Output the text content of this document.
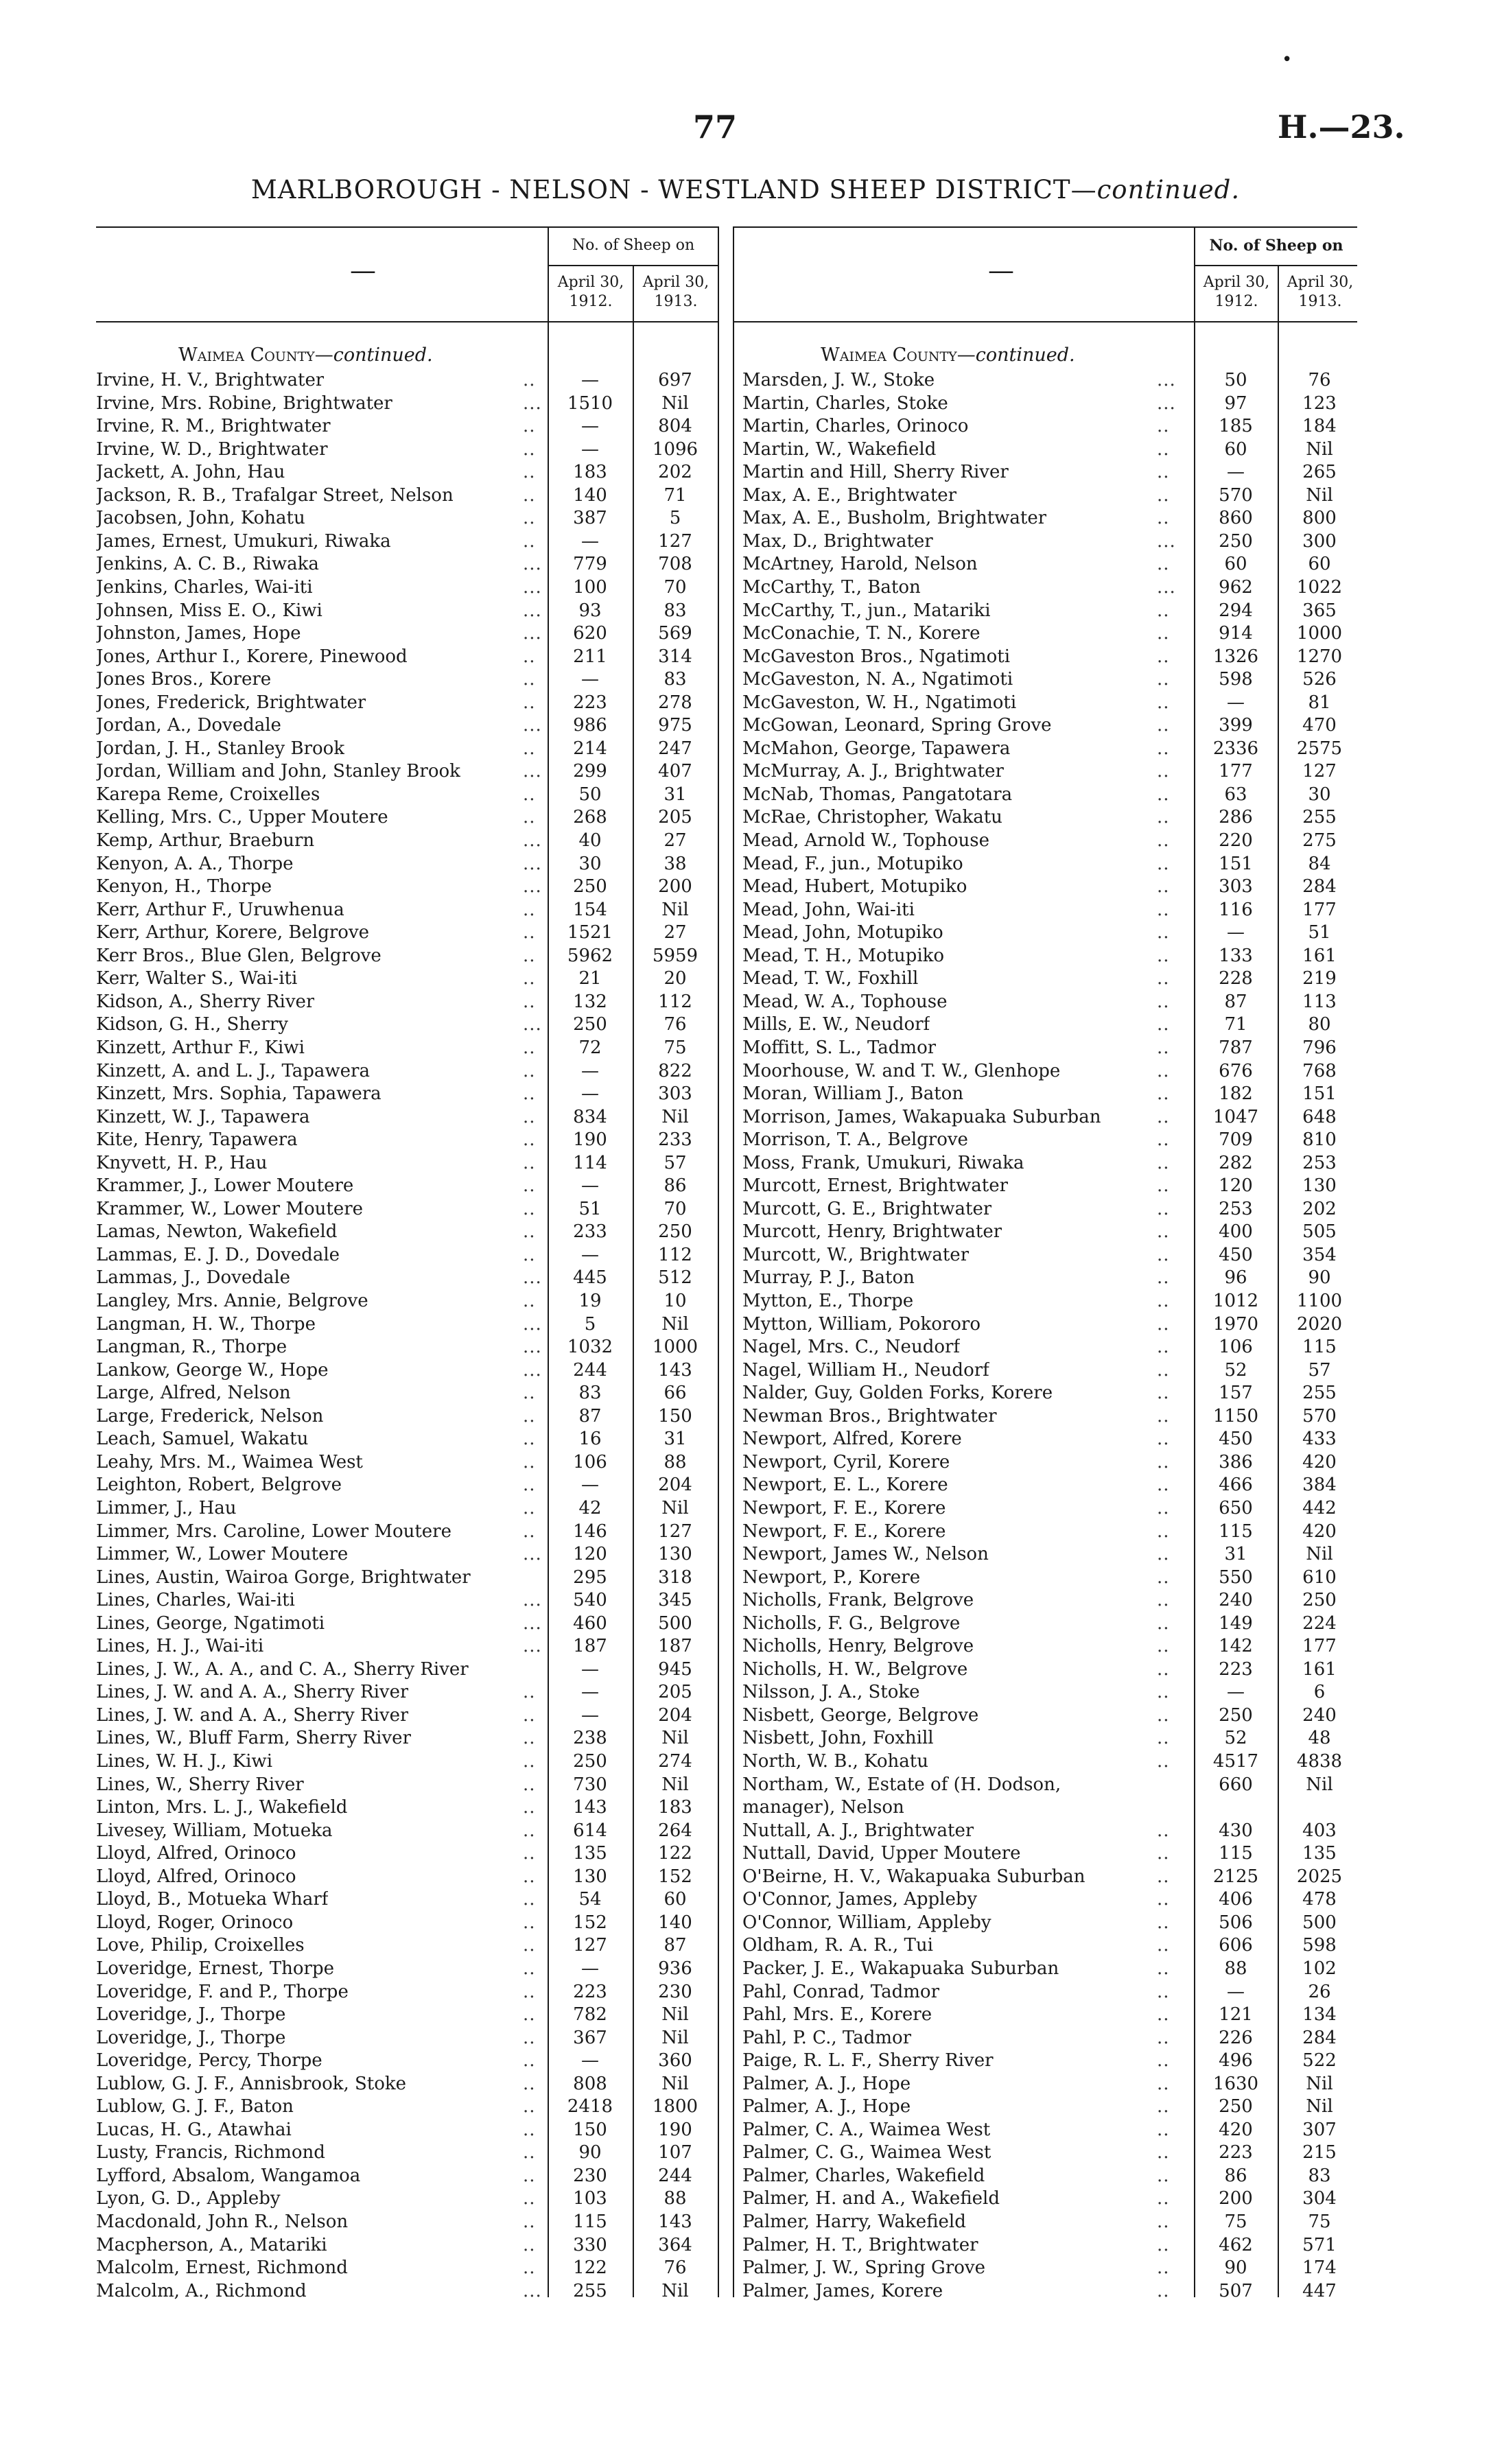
•
77	H.—23.
MARLBOROUGH - NELSON - WESTLAND SHEEP DISTRICT—continued.
—
No. of Sheep on
April 30, 1912.
April 30, 1913.
—
No. of Sheep on
April 30, 1912.
April 30, 1913.
Waimea County—continued.	Waimea County—continued.
Irvine, H. V., Brightwater	..	—	697
Irvine, Mrs. Robine, Brightwater	...	1510	Nil
Irvine, R. M., Brightwater	..	—	804
Irvine, W. D., Brightwater	..	—	1096
Jackett, A. John, Hau	..	183	202
Jackson, R. B., Trafalgar Street, Nelson	..	140	71
Jacobsen, John, Kohatu	..	387	5
James, Ernest, Umukuri, Riwaka	..	—	127
Jenkins, A. C. B., Riwaka	...	779	708
Jenkins, Charles, Wai-iti	...	100	70
Johnsen, Miss E. O., Kiwi	...	93	83
Johnston, James, Hope	...	620	569
Jones, Arthur I., Korere, Pinewood	..	211	314
Jones Bros., Korere	..	—	83
Jones, Frederick, Brightwater	..	223	278
Jordan, A., Dovedale	...	986	975
Jordan, J. H., Stanley Brook	..	214	247
Jordan, William and John, Stanley Brook	...	299	407
Karepa Reme, Croixelles	..	50	31
Kelling, Mrs. C., Upper Moutere	..	268	205
Kemp, Arthur, Braeburn	...	40	27
Kenyon, A. A., Thorpe	...	30	38
Kenyon, H., Thorpe	...	250	200
Kerr, Arthur F., Uruwhenua	..	154	Nil
Kerr, Arthur, Korere, Belgrove	..	1521	27
Kerr Bros., Blue Glen, Belgrove	..	5962	5959
Kerr, Walter S., Wai-iti	..	21	20
Kidson, A., Sherry River	..	132	112
Kidson, G. H., Sherry	...	250	76
Kinzett, Arthur F., Kiwi	..	72	75
Kinzett, A. and L. J., Tapawera	..	—	822
Kinzett, Mrs. Sophia, Tapawera	..	—	303
Kinzett, W. J., Tapawera	..	834	Nil
Kite, Henry, Tapawera	..	190	233
Knyvett, H. P., Hau	..	114	57
Krammer, J., Lower Moutere	..	—	86
Krammer, W., Lower Moutere	..	51	70
Lamas, Newton, Wakefield	..	233	250
Lammas, E. J. D., Dovedale	..	—	112
Lammas, J., Dovedale	...	445	512
Langley, Mrs. Annie, Belgrove	..	19	10
Langman, H. W., Thorpe	...	5	Nil
Langman, R., Thorpe	...	1032	1000
Lankow, George W., Hope	...	244	143
Large, Alfred, Nelson	..	83	66
Large, Frederick, Nelson	..	87	150
Leach, Samuel, Wakatu	..	16	31
Leahy, Mrs. M., Waimea West	..	106	88
Leighton, Robert, Belgrove	..	—	204
Limmer, J., Hau	..	42	Nil
Limmer, Mrs. Caroline, Lower Moutere	..	146	127
Limmer, W., Lower Moutere	...	120	130
Lines, Austin, Wairoa Gorge, Brightwater	295	318
Lines, Charles, Wai-iti	...	540	345
Lines, George, Ngatimoti	...	460	500
Lines, H. J., Wai-iti	...	187	187
Lines, J. W., A. A., and C. A., Sherry River	—	945
Lines, J. W. and A. A., Sherry River	..	—	205
Lines, J. W. and A. A., Sherry River	..	—	204
Lines, W., Bluff Farm, Sherry River	..	238	Nil
Lines, W. H. J., Kiwi	..	250	274
Lines, W., Sherry River	..	730	Nil
Linton, Mrs. L. J., Wakefield	..	143	183
Livesey, William, Motueka	..	614	264
Lloyd, Alfred, Orinoco	..	135	122
Lloyd, Alfred, Orinoco	..	130	152
Lloyd, B., Motueka Wharf	..	54	60
Lloyd, Roger, Orinoco	..	152	140
Love, Philip, Croixelles	..	127	87
Loveridge, Ernest, Thorpe	..	—	936
Loveridge, F. and P., Thorpe	..	223	230
Loveridge, J., Thorpe	..	782	Nil
Loveridge, J., Thorpe	..	367	Nil
Loveridge, Percy, Thorpe	..	—	360
Lublow, G. J. F., Annisbrook, Stoke	..	808	Nil
Lublow, G. J. F., Baton	..	2418	1800
Lucas, H. G., Atawhai	..	150	190
Lusty, Francis, Richmond	..	90	107
Lyfford, Absalom, Wangamoa	..	230	244
Lyon, G. D., Appleby	..	103	88
Macdonald, John R., Nelson	..	115	143
Macpherson, A., Matariki	..	330	364
Malcolm, Ernest, Richmond	..	122	76
Malcolm, A., Richmond	...	255	Nil
Marsden, J. W., Stoke	...	50	76
Martin, Charles, Stoke	...	97	123
Martin, Charles, Orinoco	..	185	184
Martin, W., Wakefield	..	60	Nil
Martin and Hill, Sherry River	..	—	265
Max, A. E., Brightwater	..	570	Nil
Max, A. E., Busholm, Brightwater	..	860	800
Max, D., Brightwater	...	250	300
McArtney, Harold, Nelson	..	60	60
McCarthy, T., Baton	...	962	1022
McCarthy, T., jun., Matariki	..	294	365
McConachie, T. N., Korere	..	914	1000
McGaveston Bros., Ngatimoti	..	1326	1270
McGaveston, N. A., Ngatimoti	..	598	526
McGaveston, W. H., Ngatimoti	..	—	81
McGowan, Leonard, Spring Grove	..	399	470
McMahon, George, Tapawera	..	2336	2575
McMurray, A. J., Brightwater	..	177	127
McNab, Thomas, Pangatotara	..	63	30
McRae, Christopher, Wakatu	..	286	255
Mead, Arnold W., Tophouse	..	220	275
Mead, F., jun., Motupiko	..	151	84
Mead, Hubert, Motupiko	..	303	284
Mead, John, Wai-iti	..	116	177
Mead, John, Motupiko	..	—	51
Mead, T. H., Motupiko	..	133	161
Mead, T. W., Foxhill	..	228	219
Mead, W. A., Tophouse	..	87	113
Mills, E. W., Neudorf	..	71	80
Moffitt, S. L., Tadmor	..	787	796
Moorhouse, W. and T. W., Glenhope	..	676	768
Moran, William J., Baton	..	182	151
Morrison, James, Wakapuaka Suburban	..	1047	648
Morrison, T. A., Belgrove	..	709	810
Moss, Frank, Umukuri, Riwaka	..	282	253
Murcott, Ernest, Brightwater	..	120	130
Murcott, G. E., Brightwater	..	253	202
Murcott, Henry, Brightwater	..	400	505
Murcott, W., Brightwater	..	450	354
Murray, P. J., Baton	..	96	90
Mytton, E., Thorpe	..	1012	1100
Mytton, William, Pokororo	..	1970	2020
Nagel, Mrs. C., Neudorf	..	106	115
Nagel, William H., Neudorf	..	52	57
Nalder, Guy, Golden Forks, Korere	..	157	255
Newman Bros., Brightwater	..	1150	570
Newport, Alfred, Korere	..	450	433
Newport, Cyril, Korere	..	386	420
Newport, E. L., Korere	..	466	384
Newport, F. E., Korere	..	650	442
Newport, F. E., Korere	..	115	420
Newport, James W., Nelson	..	31	Nil
Newport, P., Korere	..	550	610
Nicholls, Frank, Belgrove	..	240	250
Nicholls, F. G., Belgrove	..	149	224
Nicholls, Henry, Belgrove	..	142	177
Nicholls, H. W., Belgrove	..	223	161
Nilsson, J. A., Stoke	..	—	6
Nisbett, George, Belgrove	..	250	240
Nisbett, John, Foxhill	..	52	48
North, W. B., Kohatu	..	4517	4838
Northam, W., Estate of (H. Dodson,	660	Nil
manager), Nelson
Nuttall, A. J., Brightwater	..	430	403
Nuttall, David, Upper Moutere	..	115	135
O'Beirne, H. V., Wakapuaka Suburban	..	2125	2025
O'Connor, James, Appleby	..	406	478
O'Connor, William, Appleby	..	506	500
Oldham, R. A. R., Tui	..	606	598
Packer, J. E., Wakapuaka Suburban	..	88	102
Pahl, Conrad, Tadmor	..	—	26
Pahl, Mrs. E., Korere	..	121	134
Pahl, P. C., Tadmor	..	226	284
Paige, R. L. F., Sherry River	..	496	522
Palmer, A. J., Hope	..	1630	Nil
Palmer, A. J., Hope	..	250	Nil
Palmer, C. A., Waimea West	..	420	307
Palmer, C. G., Waimea West	..	223	215
Palmer, Charles, Wakefield	..	86	83
Palmer, H. and A., Wakefield	..	200	304
Palmer, Harry, Wakefield	..	75	75
Palmer, H. T., Brightwater	..	462	571
Palmer, J. W., Spring Grove	..	90	174
Palmer, James, Korere	..	507	447
